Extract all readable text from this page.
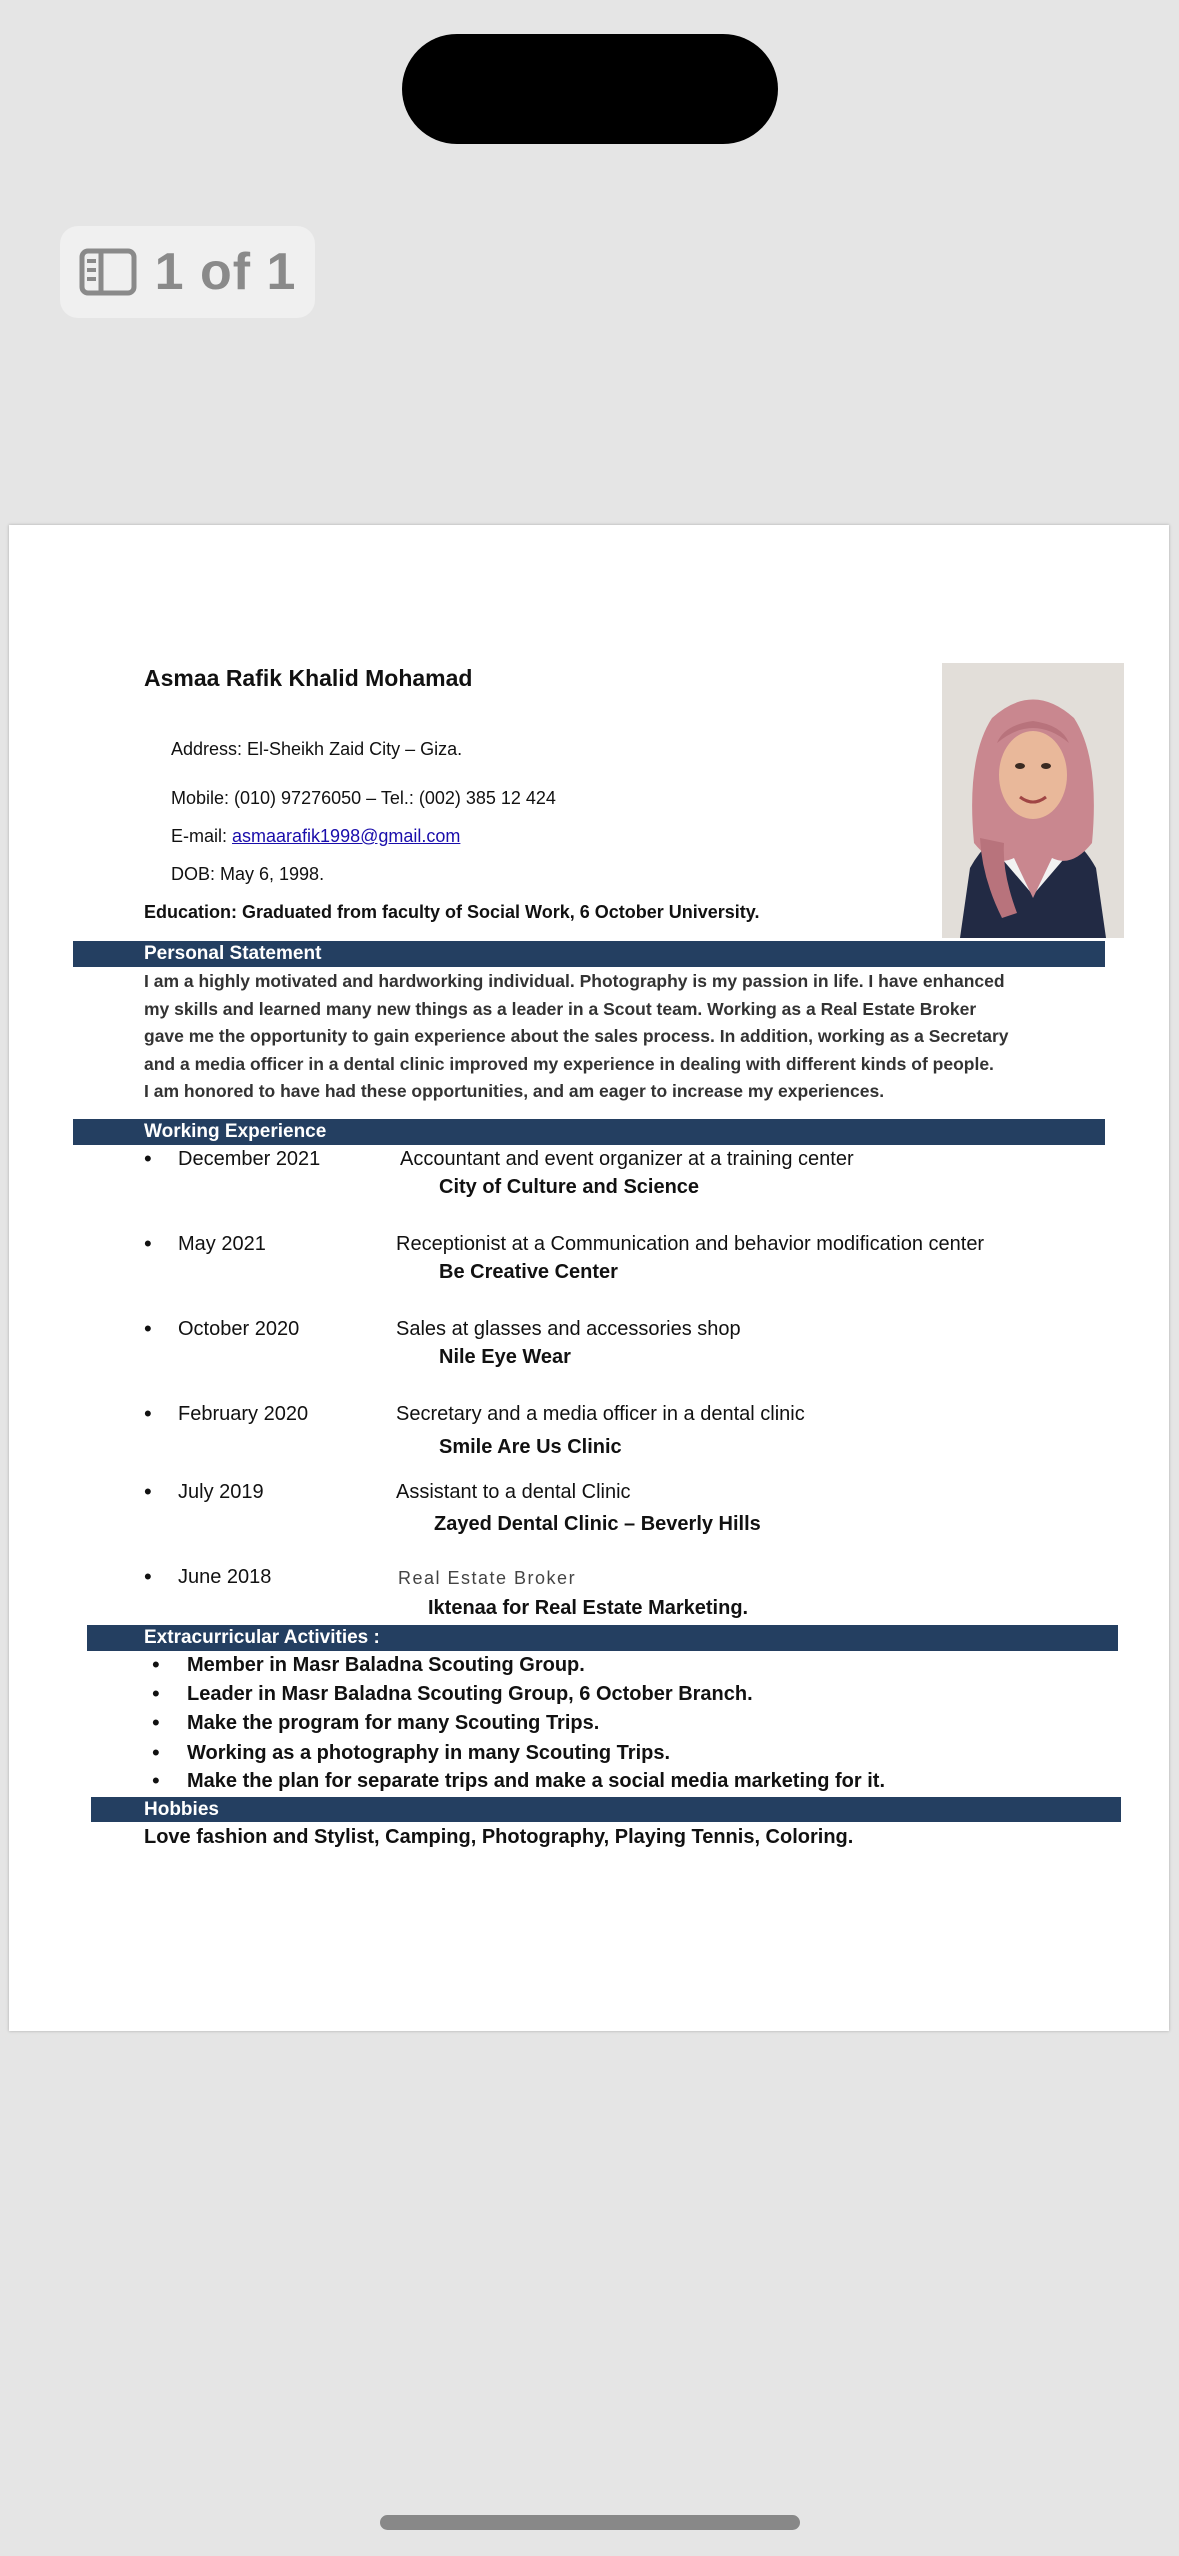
1 of 1
Asmaa Rafik Khalid Mohamad
Address: El-Sheikh Zaid City – Giza.
Mobile: (010) 97276050 – Tel.: (002) 385 12 424
E-mail: asmaarafik1998@gmail.com
DOB: May 6, 1998.
Education: Graduated from faculty of Social Work, 6 October University.
Personal Statement
I am a highly motivated and hardworking individual. Photography is my passion in life. I have enhanced
my skills and learned many new things as a leader in a Scout team. Working as a Real Estate Broker
gave me the opportunity to gain experience about the sales process. In addition, working as a Secretary
and a media officer in a dental clinic improved my experience in dealing with different kinds of people.
I am honored to have had these opportunities, and am eager to increase my experiences.
Working Experience
• December 2021	Accountant and event organizer at a training center
City of Culture and Science
• May 2021	Receptionist at a Communication and behavior modification center
Be Creative Center
• October 2020	Sales at glasses and accessories shop
Nile Eye Wear
• February 2020	Secretary and a media officer in a dental clinic
Smile Are Us Clinic
• July 2019	Assistant to a dental Clinic
Zayed Dental Clinic – Beverly Hills
• June 2018	Real Estate Broker
Iktenaa for Real Estate Marketing.
Extracurricular Activities :
• Member in Masr Baladna Scouting Group.
• Leader in Masr Baladna Scouting Group, 6 October Branch.
• Make the program for many Scouting Trips.
• Working as a photography in many Scouting Trips.
• Make the plan for separate trips and make a social media marketing for it.
Hobbies
Love fashion and Stylist, Camping, Photography, Playing Tennis, Coloring.
